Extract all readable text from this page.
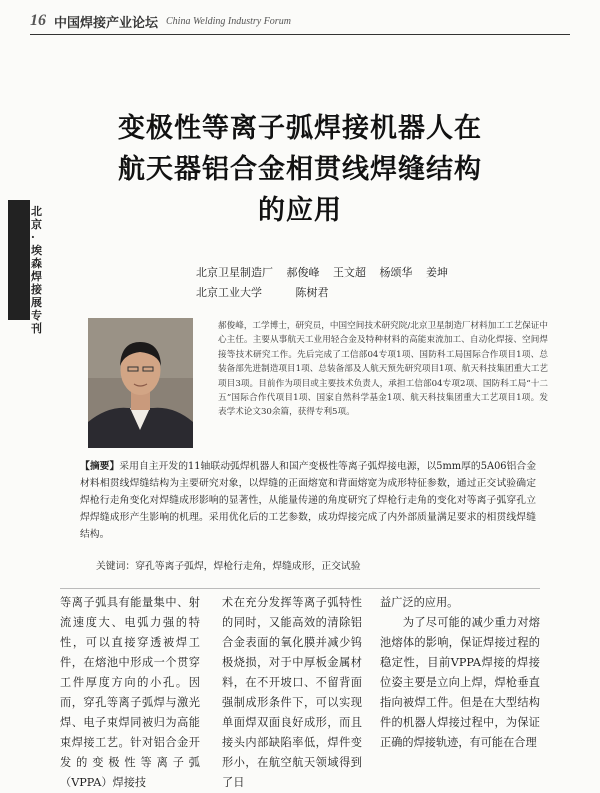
16 中国焊接产业论坛 China Welding Industry Forum
北京·埃森焊接展专刊
变极性等离子弧焊接机器人在
航天器铝合金相贯线焊缝结构
的应用
北京卫星制造厂 郝俊峰 王文超 杨颂华 姜坤
北京工业大学	陈树君
郝俊峰，工学博士，研究员，中国空间技术研究院/北京卫星制造厂材料加工工艺保证中心主任。主要从事航天工业用轻合金及特种材料的高能束流加工、自动化焊接、空间焊接等技术研究工作。先后完成了工信部04专项1项、国防科工局国际合作项目1项、总装备部先进制造项目1项、总装备部及人航天预先研究项目1项、航天科技集团重大工艺项目3项。目前作为项目或主要技术负责人，承担工信部04专项2项、国防科工局“十二五”国际合作代项目1项、国家自然科学基金1项、航天科技集团重大工艺项目1项。发表学术论文30余篇，获得专利5项。
【摘要】采用自主开发的11轴联动弧焊机器人和国产变极性等离子弧焊接电源，以5mm厚的5A06铝合金材料相贯线焊缝结构为主要研究对象，以焊缝的正面熔宽和背面熔宽为成形特征参数，通过正交试验确定焊枪行走角变化对焊缝成形影响的显著性，从能量传递的角度研究了焊枪行走角的变化对等离子弧穿孔立焊焊缝成形产生影响的机理。采用优化后的工艺参数，成功焊接完成了内外部质量满足要求的相贯线焊缝结构。
关键词：穿孔等离子弧焊，焊枪行走角，焊缝成形，正交试验
等离子弧具有能量集中、射流速度大、电弧力强的特性，可以直接穿透被焊工件，在熔池中形成一个贯穿工件厚度方向的小孔。因而，穿孔等离子弧焊与激光焊、电子束焊同被归为高能束焊接工艺。针对铝合金开发的变极性等离子弧（VPPA）焊接技
术在充分发挥等离子弧特性的同时，又能高效的清除铝合金表面的氧化膜并减少钨极烧损，对于中厚板金属材料，在不开坡口、不留背面强制成形条件下，可以实现单面焊双面良好成形，而且接头内部缺陷率低，焊件变形小，在航空航天领域得到了日
益广泛的应用。
　　为了尽可能的减少重力对熔池熔体的影响，保证焊接过程的稳定性，目前VPPA焊接的焊接位姿主要是立向上焊，焊枪垂直指向被焊工件。但是在大型结构件的机器人焊接过程中，为保证正确的焊接轨迹，有可能在合理
